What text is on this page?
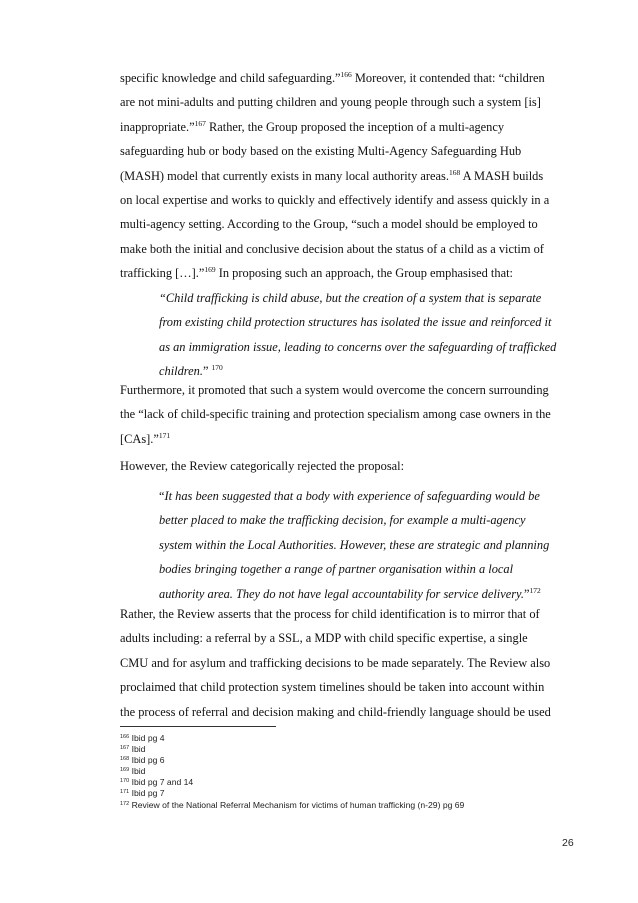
specific knowledge and child safeguarding.”$^{166}$ Moreover, it contended that: “children
are not mini-adults and putting children and young people through such a system [is]
inappropriate.”$^{167}$ Rather, the Group proposed the inception of a multi-agency
safeguarding hub or body based on the existing Multi-Agency Safeguarding Hub
(MASH) model that currently exists in many local authority areas.$^{168}$ A MASH builds
on local expertise and works to quickly and effectively identify and assess quickly in a
multi-agency setting. According to the Group, “such a model should be employed to
make both the initial and conclusive decision about the status of a child as a victim of
trafficking […].”$^{169}$ In proposing such an approach, the Group emphasised that:
“Child trafficking is child abuse, but the creation of a system that is separate
from existing child protection structures has isolated the issue and reinforced it
as an immigration issue, leading to concerns over the safeguarding of trafficked
children.” $^{170}$
Furthermore, it promoted that such a system would overcome the concern surrounding
the “lack of child-specific training and protection specialism among case owners in the
[CAs].”$^{171}$
However, the Review categorically rejected the proposal:
“It has been suggested that a body with experience of safeguarding would be
better placed to make the trafficking decision, for example a multi-agency
system within the Local Authorities. However, these are strategic and planning
bodies bringing together a range of partner organisation within a local
authority area. They do not have legal accountability for service delivery.”$^{172}$
Rather, the Review asserts that the process for child identification is to mirror that of
adults including: a referral by a SSL, a MDP with child specific expertise, a single
CMU and for asylum and trafficking decisions to be made separately. The Review also
proclaimed that child protection system timelines should be taken into account within
the process of referral and decision making and child-friendly language should be used
$^{166}$ Ibid pg 4
$^{167}$ Ibid
$^{168}$ Ibid pg 6
$^{169}$ Ibid
$^{170}$ Ibid pg 7 and 14
$^{171}$ Ibid pg 7
$^{172}$ Review of the National Referral Mechanism for victims of human trafficking (n-29) pg 69
26
